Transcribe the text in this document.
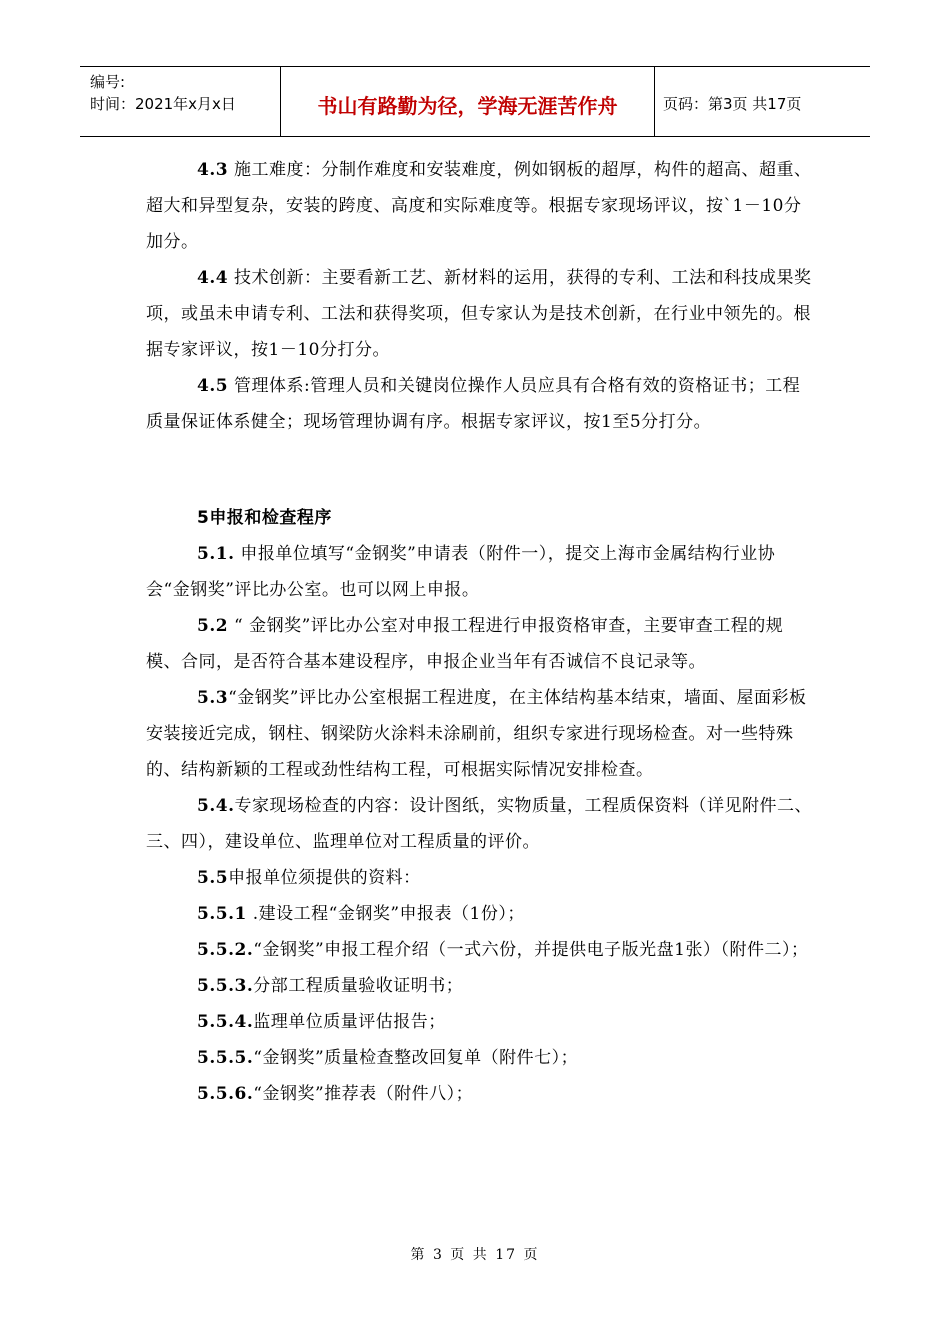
编号:
时间：2021年x月x日	书山有路勤为径，学海无涯苦作舟	页码：第3页 共17页

4.3 施工难度：分制作难度和安装难度，例如钢板的超厚，构件的超高、超重、超大和异型复杂，安装的跨度、高度和实际难度等。根据专家现场评议，按`1－10分加分。

4.4 技术创新：主要看新工艺、新材料的运用，获得的专利、工法和科技成果奖项，或虽未申请专利、工法和获得奖项，但专家认为是技术创新，在行业中领先的。根据专家评议，按1－10分打分。

4.5 管理体系:管理人员和关键岗位操作人员应具有合格有效的资格证书；工程质量保证体系健全；现场管理协调有序。根据专家评议，按1至5分打分。

5申报和检查程序

5.1. 申报单位填写“金钢奖”申请表（附件一），提交上海市金属结构行业协会“金钢奖”评比办公室。也可以网上申报。

5.2 “ 金钢奖”评比办公室对申报工程进行申报资格审查，主要审查工程的规模、合同，是否符合基本建设程序，申报企业当年有否诚信不良记录等。

5.3“金钢奖”评比办公室根据工程进度，在主体结构基本结束，墙面、屋面彩板安装接近完成，钢柱、钢梁防火涂料未涂刷前，组织专家进行现场检查。对一些特殊的、结构新颖的工程或劲性结构工程，可根据实际情况安排检查。

5.4.专家现场检查的内容：设计图纸，实物质量，工程质保资料（详见附件二、三、四），建设单位、监理单位对工程质量的评价。

5.5申报单位须提供的资料：

5.5.1 .建设工程“金钢奖”申报表（1份）；

5.5.2.“金钢奖”申报工程介绍（一式六份，并提供电子版光盘1张）（附件二）；

5.5.3.分部工程质量验收证明书；

5.5.4.监理单位质量评估报告；

5.5.5.“金钢奖”质量检查整改回复单（附件七）；

5.5.6.“金钢奖”推荐表（附件八）；

第 3 页 共 17 页
